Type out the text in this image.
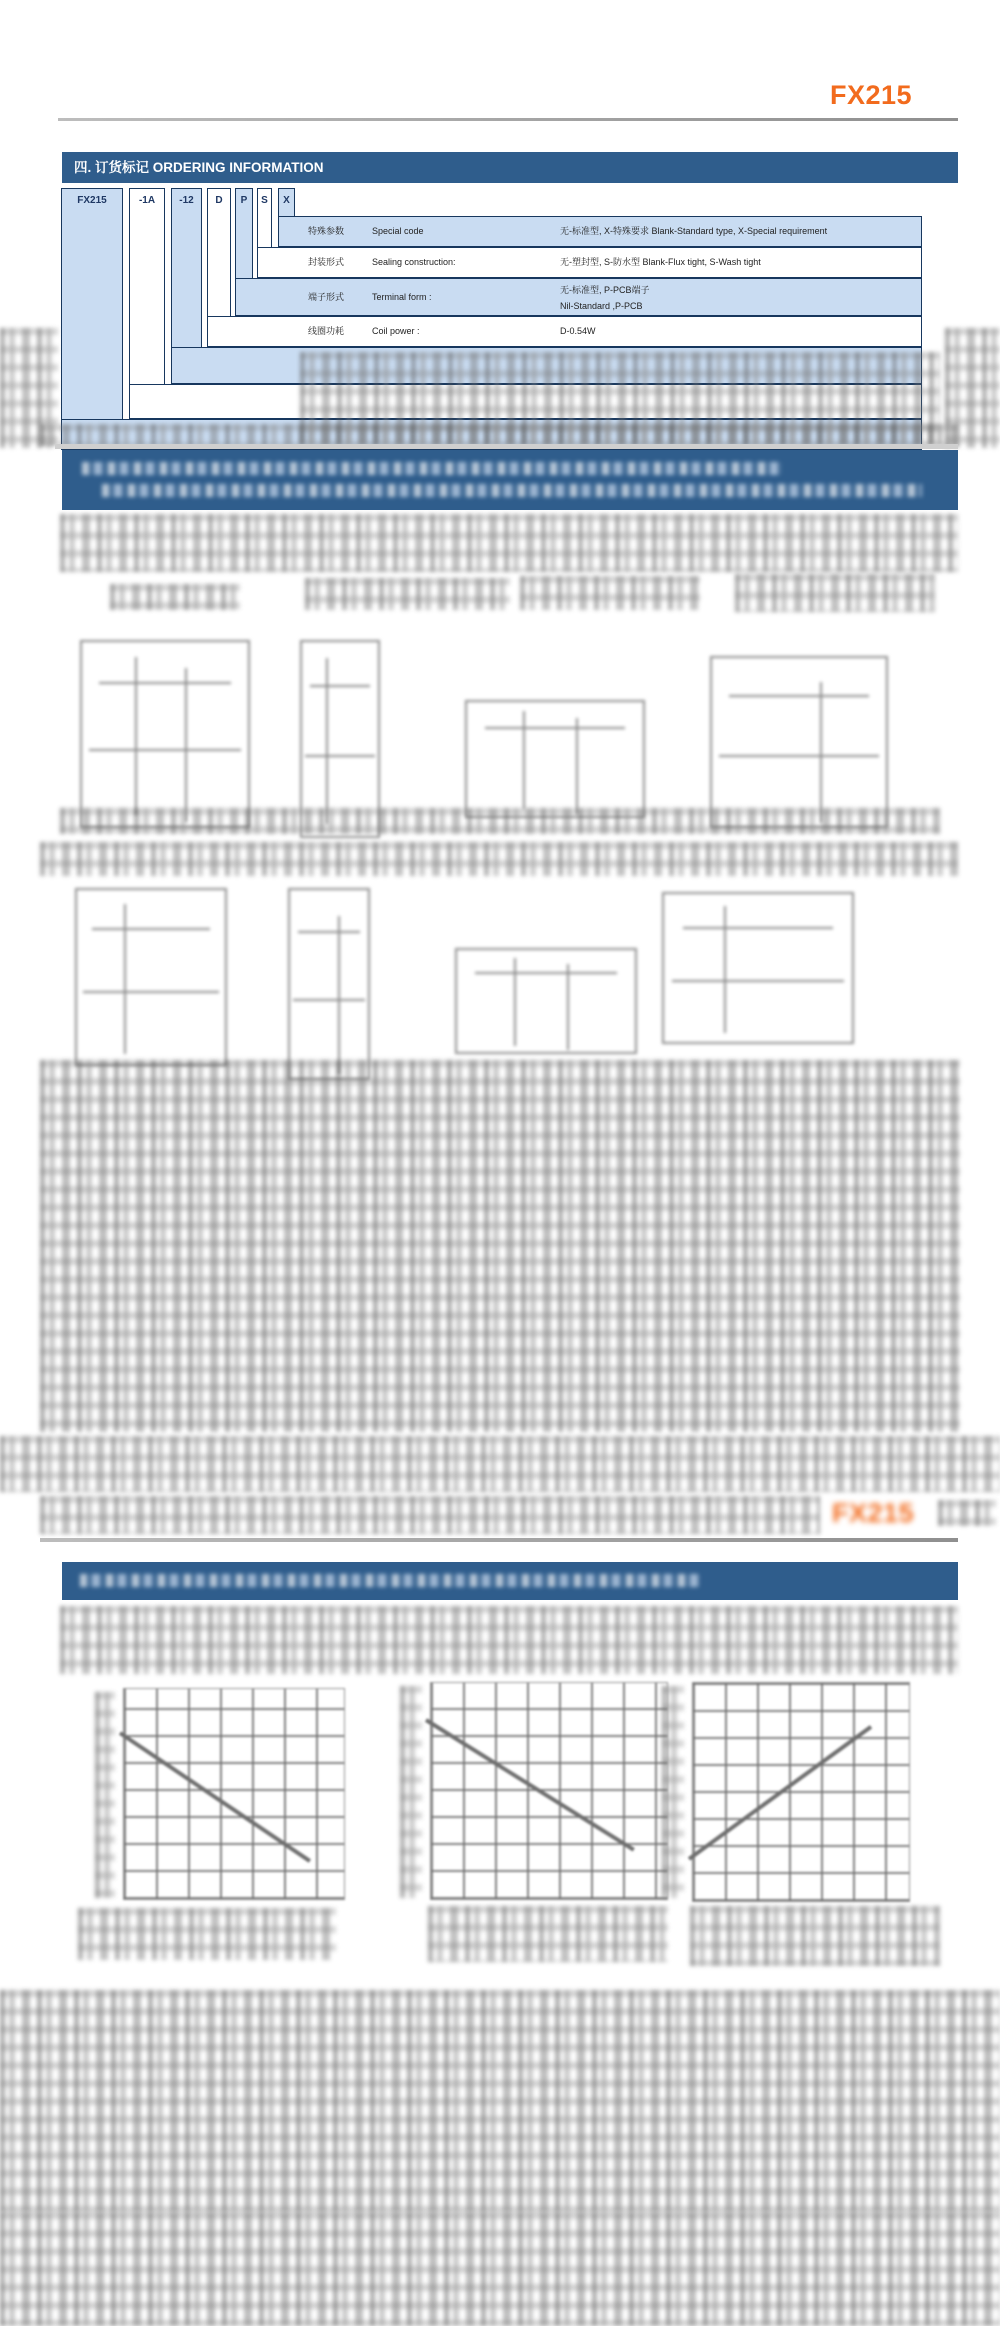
FX215
四. 订货标记 ORDERING INFORMATION
FX215	-1A	-12	D	P	S	X
特殊参数	Special code	无-标准型, X-特殊要求 Blank-Standard type, X-Special requirement
封装形式	Sealing construction:	无-塑封型, S-防水型 Blank-Flux tight, S-Wash tight
端子形式	Terminal form :
无-标准型, P-PCB端子
Nil-Standard ,P-PCB
线圈功耗	Coil power :	D-0.54W
FX215
